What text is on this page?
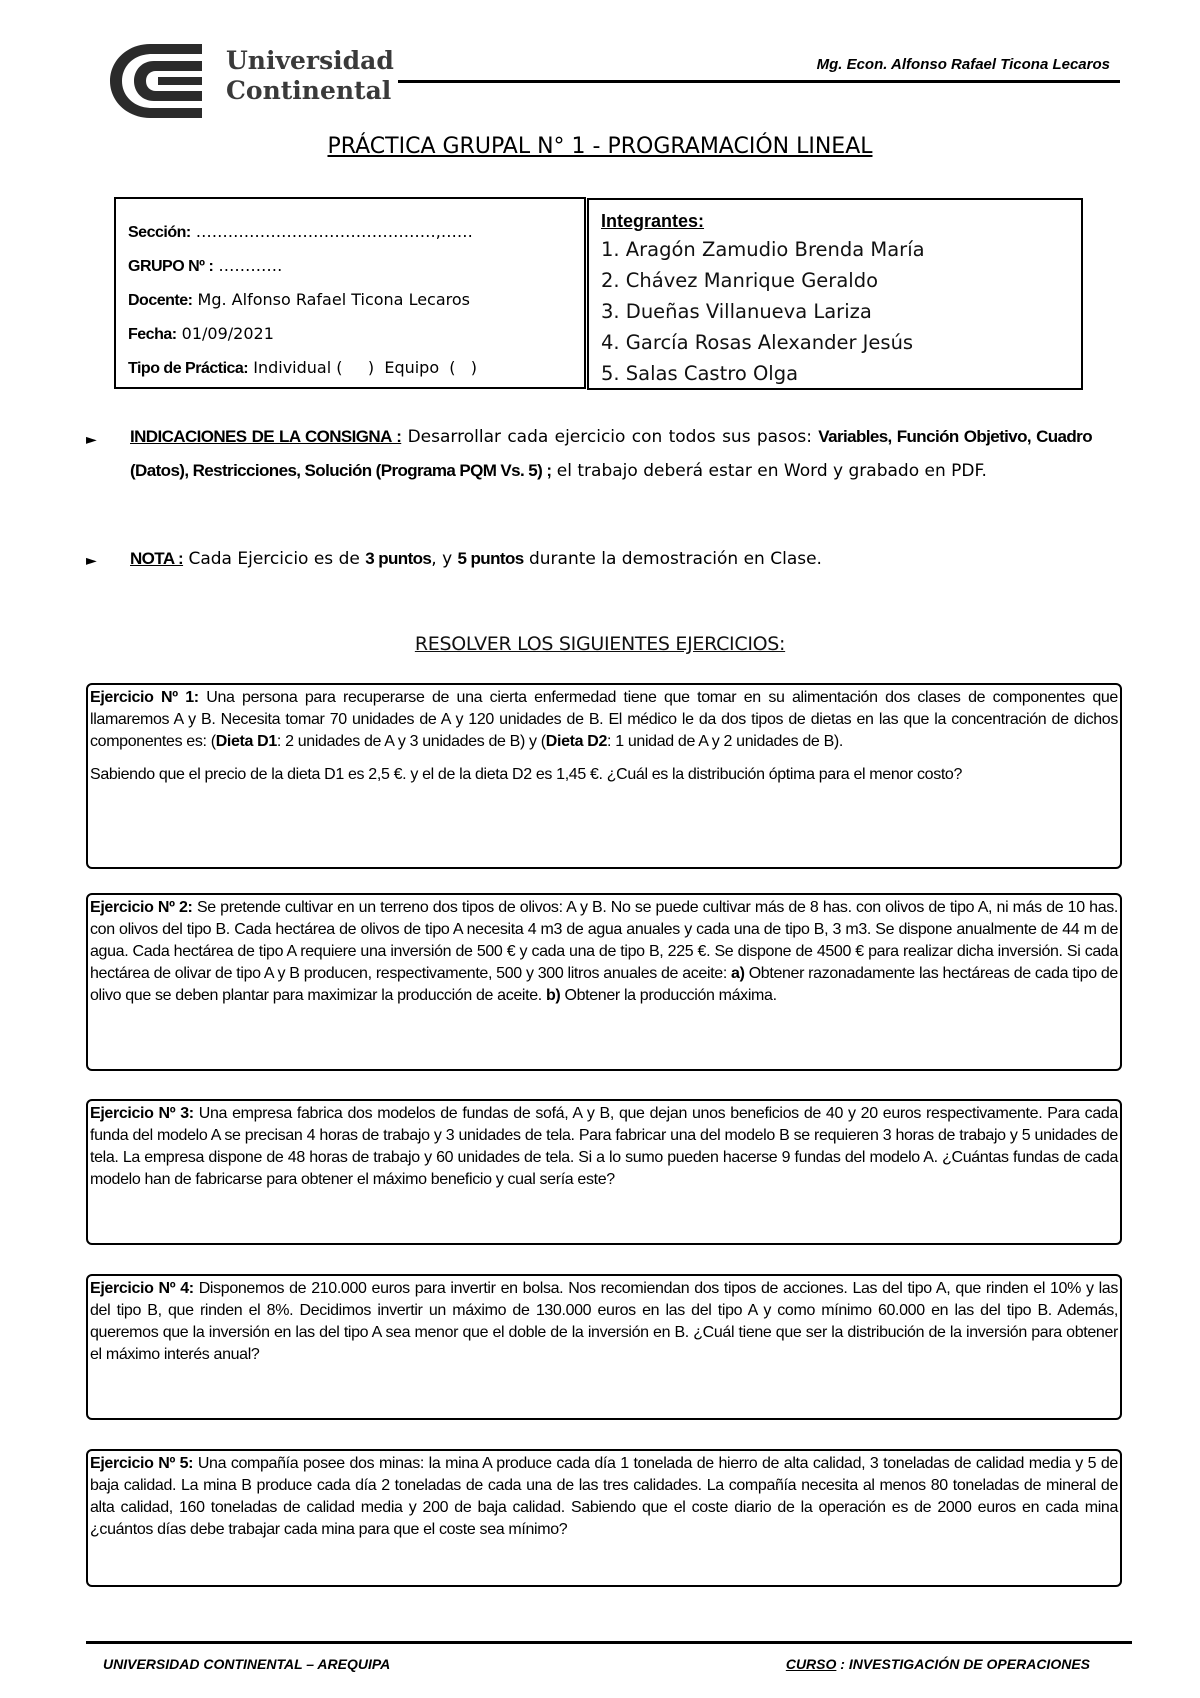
Universidad
Continental
Mg. Econ. Alfonso Rafael Ticona Lecaros
PRÁCTICA GRUPAL N° 1 - PROGRAMACIÓN LINEAL
Sección: ………………………………………,……
GRUPO Nº : …………
Docente: Mg. Alfonso Rafael Ticona Lecaros
Fecha: 01/09/2021
Tipo de Práctica: Individual (     )  Equipo  (   )
Integrantes:
1. Aragón Zamudio Brenda María
2. Chávez Manrique Geraldo
3. Dueñas Villanueva Lariza
4. García Rosas Alexander Jesús
5. Salas Castro Olga
► INDICACIONES DE LA CONSIGNA : Desarrollar cada ejercicio con todos sus pasos: Variables, Función Objetivo, Cuadro (Datos), Restricciones, Solución (Programa PQM Vs. 5) ; el trabajo deberá estar en Word y grabado en PDF.
► NOTA : Cada Ejercicio es de 3 puntos, y 5 puntos durante la demostración en Clase.
RESOLVER LOS SIGUIENTES EJERCICIOS:

Ejercicio Nº 1: Una persona para recuperarse de una cierta enfermedad tiene que tomar en su alimentación dos clases de componentes que llamaremos A y B. Necesita tomar 70 unidades de A y 120 unidades de B. El médico le da dos tipos de dietas en las que la concentración de dichos componentes es: (Dieta D1: 2 unidades de A y 3 unidades de B) y (Dieta D2: 1 unidad de A y 2 unidades de B).

Sabiendo que el precio de la dieta D1 es 2,5 €. y el de la dieta D2 es 1,45 €. ¿Cuál es la distribución óptima para el menor costo?

Ejercicio Nº 2: Se pretende cultivar en un terreno dos tipos de olivos: A y B. No se puede cultivar más de 8 has. con olivos de tipo A, ni más de 10 has. con olivos del tipo B. Cada hectárea de olivos de tipo A necesita 4 m3 de agua anuales y cada una de tipo B, 3 m3. Se dispone anualmente de 44 m de agua. Cada hectárea de tipo A requiere una inversión de 500 € y cada una de tipo B, 225 €. Se dispone de 4500 € para realizar dicha inversión. Si cada hectárea de olivar de tipo A y B producen, respectivamente, 500 y 300 litros anuales de aceite: a) Obtener razonadamente las hectáreas de cada tipo de olivo que se deben plantar para maximizar la producción de aceite. b) Obtener la producción máxima.

Ejercicio Nº 3: Una empresa fabrica dos modelos de fundas de sofá, A y B, que dejan unos beneficios de 40 y 20 euros respectivamente. Para cada funda del modelo A se precisan 4 horas de trabajo y 3 unidades de tela. Para fabricar una del modelo B se requieren 3 horas de trabajo y 5 unidades de tela. La empresa dispone de 48 horas de trabajo y 60 unidades de tela. Si a lo sumo pueden hacerse 9 fundas del modelo A. ¿Cuántas fundas de cada modelo han de fabricarse para obtener el máximo beneficio y cual sería este?

Ejercicio Nº 4: Disponemos de 210.000 euros para invertir en bolsa. Nos recomiendan dos tipos de acciones. Las del tipo A, que rinden el 10% y las del tipo B, que rinden el 8%. Decidimos invertir un máximo de 130.000 euros en las del tipo A y como mínimo 60.000 en las del tipo B. Además, queremos que la inversión en las del tipo A sea menor que el doble de la inversión en B. ¿Cuál tiene que ser la distribución de la inversión para obtener el máximo interés anual?

Ejercicio Nº 5: Una compañía posee dos minas: la mina A produce cada día 1 tonelada de hierro de alta calidad, 3 toneladas de calidad media y 5 de baja calidad. La mina B produce cada día 2 toneladas de cada una de las tres calidades. La compañía necesita al menos 80 toneladas de mineral de alta calidad, 160 toneladas de calidad media y 200 de baja calidad. Sabiendo que el coste diario de la operación es de 2000 euros en cada mina ¿cuántos días debe trabajar cada mina para que el coste sea mínimo?

UNIVERSIDAD CONTINENTAL – AREQUIPA	CURSO : INVESTIGACIÓN DE OPERACIONES
